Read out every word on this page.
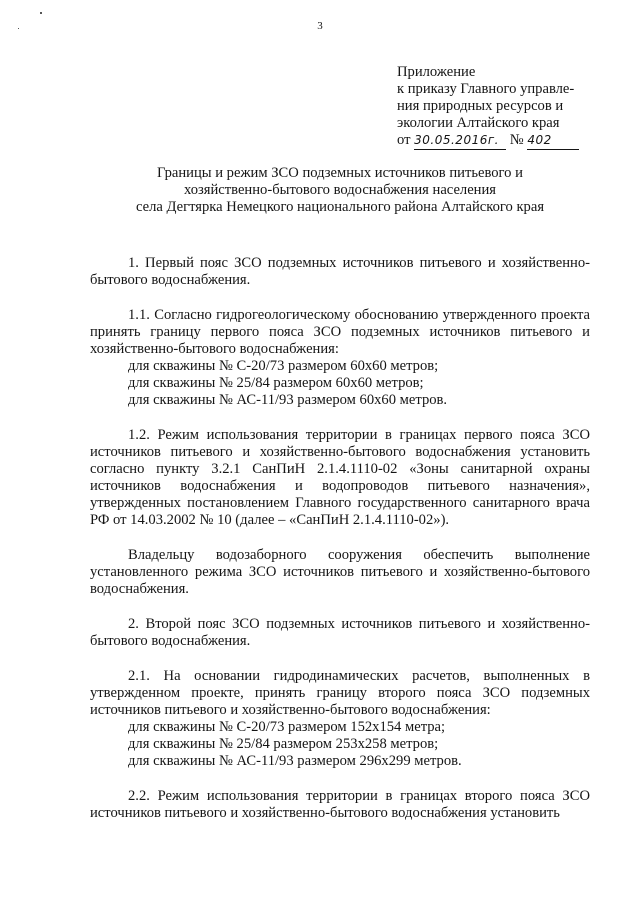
3
Приложение
к приказу Главного управле-
ния природных ресурсов и
экологии Алтайского края
от 30.05.2016г. № 402
Границы и режим ЗСО подземных источников питьевого и
хозяйственно-бытового водоснабжения населения
села Дегтярка Немецкого национального района Алтайского края

1. Первый пояс ЗСО подземных источников питьевого и хозяйственно-бытового водоснабжения.

1.1. Согласно гидрогеологическому обоснованию утвержденного проекта принять границу первого пояса ЗСО подземных источников питьевого и хозяйственно-бытового водоснабжения:

для скважины № С-20/73 размером 60х60 метров;
для скважины № 25/84 размером 60х60 метров;
для скважины № АС-11/93 размером 60х60 метров.

1.2. Режим использования территории в границах первого пояса ЗСО источников питьевого и хозяйственно-бытового водоснабжения установить согласно пункту 3.2.1 СанПиН 2.1.4.1110-02 «Зоны санитарной охраны источников водоснабжения и водопроводов питьевого назначения», утвержденных постановлением Главного государственного санитарного врача РФ от 14.03.2002 № 10 (далее – «СанПиН 2.1.4.1110-02»).

Владельцу водозаборного сооружения обеспечить выполнение установленного режима ЗСО источников питьевого и хозяйственно-бытового водоснабжения.

2. Второй пояс ЗСО подземных источников питьевого и хозяйственно-бытового водоснабжения.

2.1. На основании гидродинамических расчетов, выполненных в утвержденном проекте, принять границу второго пояса ЗСО подземных источников питьевого и хозяйственно-бытового водоснабжения:

для скважины № С-20/73 размером 152х154 метра;
для скважины № 25/84 размером 253х258 метров;
для скважины № АС-11/93 размером 296х299 метров.

2.2. Режим использования территории в границах второго пояса ЗСО источников питьевого и хозяйственно-бытового водоснабжения установить
